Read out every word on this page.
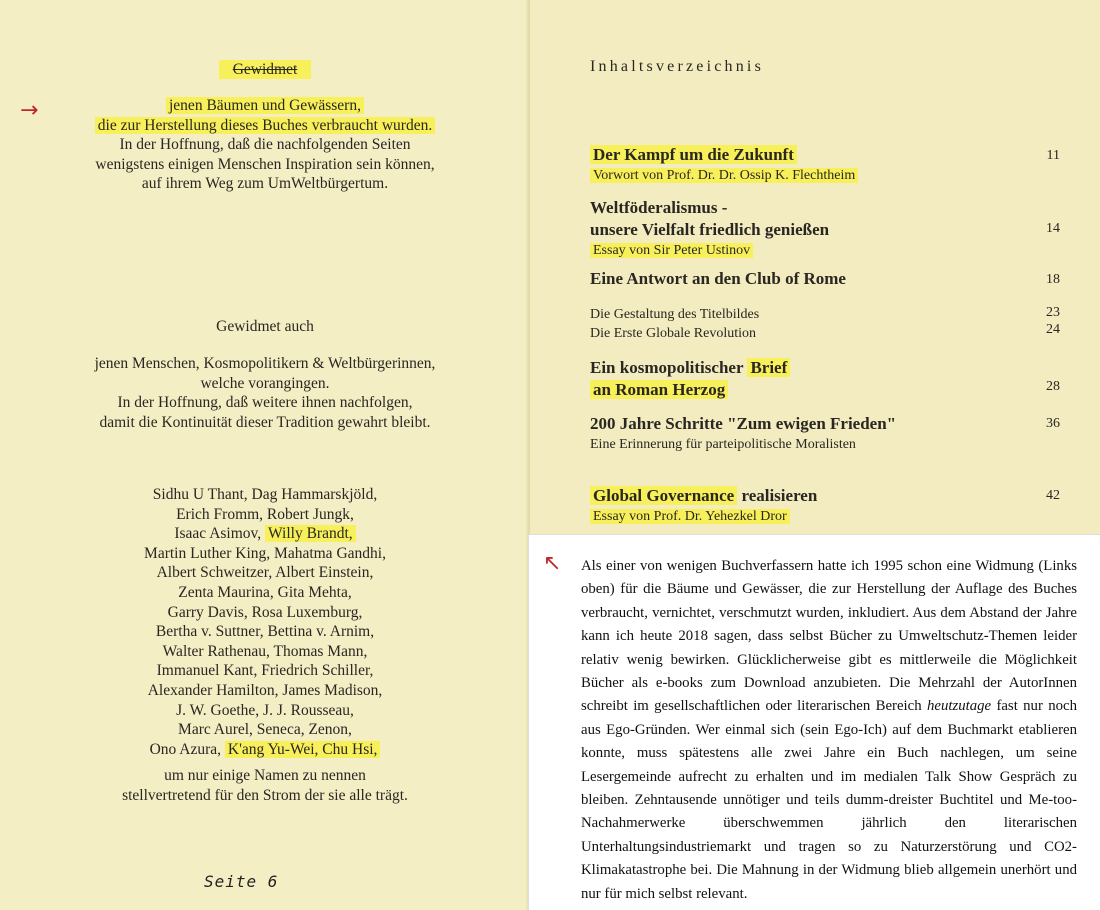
→
Gewidmet
jenen Bäumen und Gewässern,
die zur Herstellung dieses Buches verbraucht wurden.
In der Hoffnung, daß die nachfolgenden Seiten
wenigstens einigen Menschen Inspiration sein können,
auf ihrem Weg zum UmWeltbürgertum.
Gewidmet auch
jenen Menschen, Kosmopolitikern & Weltbürgerinnen,
welche vorangingen.
In der Hoffnung, daß weitere ihnen nachfolgen,
damit die Kontinuität dieser Tradition gewahrt bleibt.
Sidhu U Thant, Dag Hammarskjöld,
Erich Fromm, Robert Jungk,
Isaac Asimov, Willy Brandt,
Martin Luther King, Mahatma Gandhi,
Albert Schweitzer, Albert Einstein,
Zenta Maurina, Gita Mehta,
Garry Davis, Rosa Luxemburg,
Bertha v. Suttner, Bettina v. Arnim,
Walter Rathenau, Thomas Mann,
Immanuel Kant, Friedrich Schiller,
Alexander Hamilton, James Madison,
J. W. Goethe, J. J. Rousseau,
Marc Aurel, Seneca, Zenon,
Ono Azura, K'ang Yu-Wei, Chu Hsi,
um nur einige Namen zu nennen
stellvertretend für den Strom der sie alle trägt.
Seite 6
Inhaltsverzeichnis
Der Kampf um die Zukunft
Vorwort von Prof. Dr. Dr. Ossip K. Flechtheim
11
Weltföderalismus -
unsere Vielfalt friedlich genießen
Essay von Sir Peter Ustinov
14
Eine Antwort an den Club of Rome	18
Die Gestaltung des Titelbildes
Die Erste Globale Revolution
23
24
Ein kosmopolitischer Brief
an Roman Herzog	28
200 Jahre Schritte "Zum ewigen Frieden"
Eine Erinnerung für parteipolitische Moralisten
36
Global Governance realisieren
Essay von Prof. Dr. Yehezkel Dror
42
↖ Als einer von wenigen Buchverfassern hatte ich 1995 schon eine Widmung (Links oben) für die Bäume und Gewässer, die zur Herstellung der Auflage des Buches verbraucht, vernichtet, verschmutzt wurden, inkludiert. Aus dem Abstand der Jahre kann ich heute 2018 sagen, dass selbst Bücher zu Umweltschutz-Themen leider relativ wenig bewirken. Glücklicherweise gibt es mittlerweile die Möglichkeit Bücher als e-books zum Download anzubieten. Die Mehrzahl der AutorInnen schreibt im gesellschaftlichen oder literarischen Bereich heutzutage fast nur noch aus Ego-Gründen. Wer einmal sich (sein Ego-Ich) auf dem Buchmarkt etablieren konnte, muss spätestens alle zwei Jahre ein Buch nachlegen, um seine Lesergemeinde aufrecht zu erhalten und im medialen Talk Show Gespräch zu bleiben. Zehntausende unnötiger und teils dumm-dreister Buchtitel und Me-too-Nachahmerwerke überschwemmen jährlich den literarischen Unterhaltungsindustriemarkt und tragen so zu Naturzerstörung und CO2-Klimakatastrophe bei. Die Mahnung in der Widmung blieb allgemein unerhört und nur für mich selbst relevant.
